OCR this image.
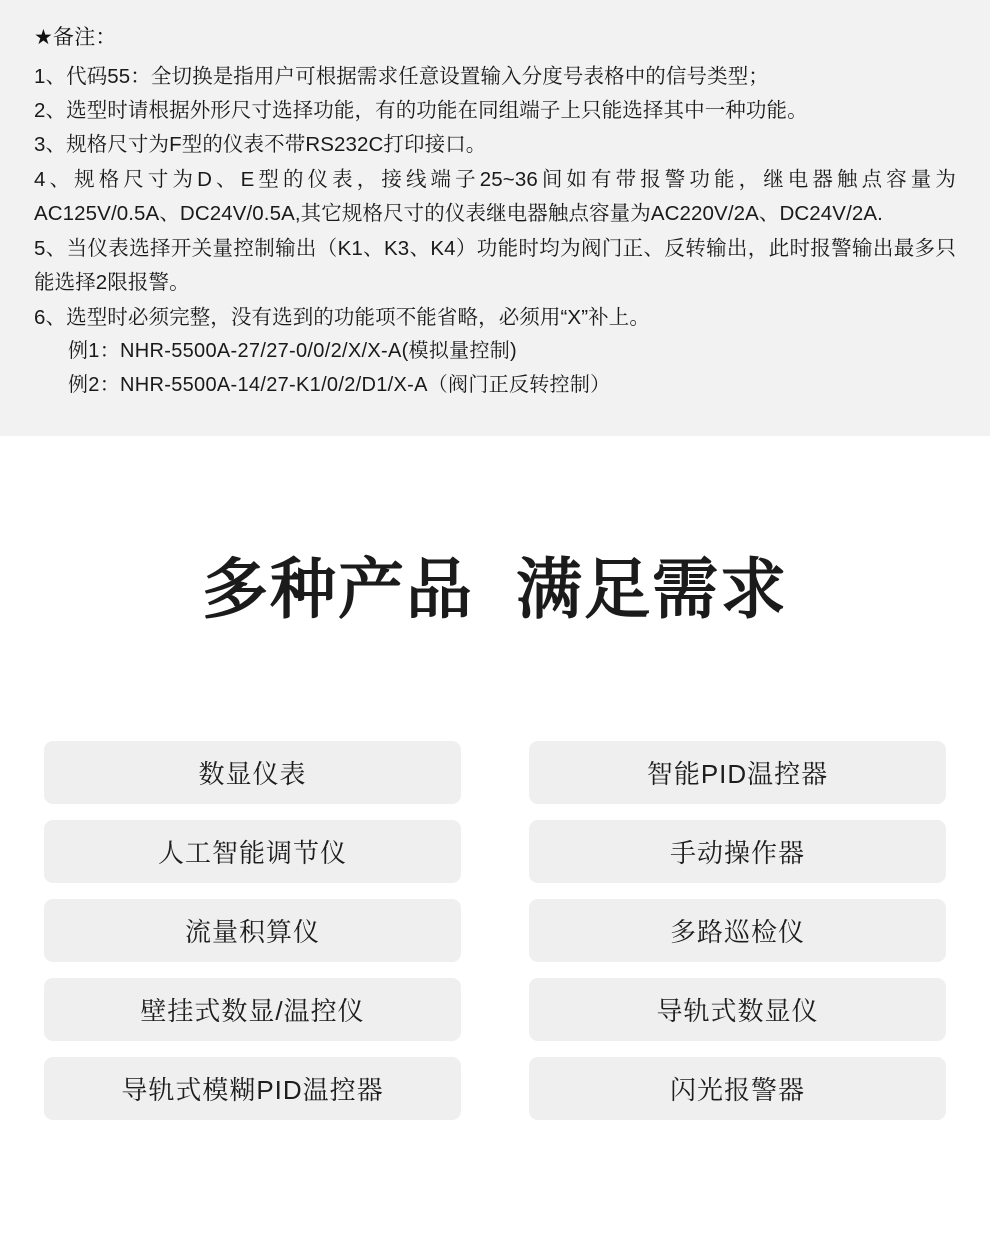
★备注：
1、代码55：全切换是指用户可根据需求任意设置输入分度号表格中的信号类型；
2、选型时请根据外形尺寸选择功能，有的功能在同组端子上只能选择其中一种功能。
3、规格尺寸为F型的仪表不带RS232C打印接口。
4、规格尺寸为D、E型的仪表，接线端子25~36间如有带报警功能，继电器触点容量为AC125V/0.5A、DC24V/0.5A,其它规格尺寸的仪表继电器触点容量为AC220V/2A、DC24V/2A.
5、当仪表选择开关量控制输出（K1、K3、K4）功能时均为阀门正、反转输出，此时报警输出最多只能选择2限报警。
6、选型时必须完整，没有选到的功能项不能省略，必须用“X”补上。
例1：NHR-5500A-27/27-0/0/2/X/X-A(模拟量控制)
例2：NHR-5500A-14/27-K1/0/2/D1/X-A（阀门正反转控制）
多种产品 满足需求
数显仪表	智能PID温控器
人工智能调节仪	手动操作器
流量积算仪	多路巡检仪
壁挂式数显/温控仪	导轨式数显仪
导轨式模糊PID温控器	闪光报警器
